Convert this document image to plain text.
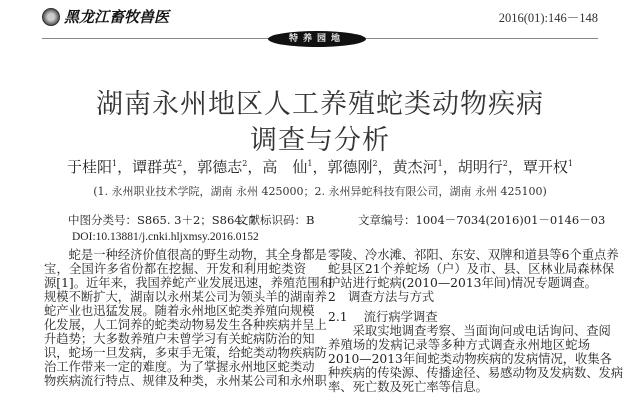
黑龙江畜牧兽医	2016(01):146－148
特养园地
湖南永州地区人工养殖蛇类动物疾病
调查与分析
于桂阳$^1$，谭群英$^2$，郭德志$^2$，高　仙$^1$，郭德刚$^2$，黄杰河$^1$，胡明行$^2$，覃开权$^1$
(1. 永州职业技术学院，湖南 永州 425000；2. 永州异蛇科技有限公司，湖南 永州 425100)
中图分类号：S865. 3＋2；S864. 7
文献标识码：B	文章编号：1004－7034(2016)01－0146－03
DOI:10.13881/j.cnki.hljxmsy.2016.0152
蛇是一种经济价值很高的野生动物，其全身都是
宝，全国许多省份都在挖掘、开发和利用蛇类资
源[1]。近年来，我国养蛇产业发展迅速，养殖范围和
规模不断扩大，湖南以永州某公司为领头羊的湖南养
蛇产业也迅猛发展。随着永州地区蛇类养殖向规模
化发展，人工饲养的蛇类动物易发生各种疾病并呈上
升趋势；大多数养殖户未曾学习有关蛇病防治的知
识，蛇场一旦发病，多束手无策，给蛇类动物疾病防
治工作带来一定的难度。为了掌握永州地区蛇类动
物疾病流行特点、规律及种类，永州某公司和永州职
零陵、冷水滩、祁阳、东安、双牌和道县等6个重点养
蛇县区21个养蛇场（户）及市、县、区林业局森林保
护站进行蛇病(2010—2013年间)情况专题调查。
2　调查方法与方式
2.1　 流行病学调查
采取实地调查考察、当面询问或电话询问、查阅
养殖场的发病记录等多种方式调查永州地区蛇场
2010—2013年间蛇类动物疾病的发病情况，收集各
种疾病的传染源、传播途径、易感动物及发病数、发病
率、死亡数及死亡率等信息。
